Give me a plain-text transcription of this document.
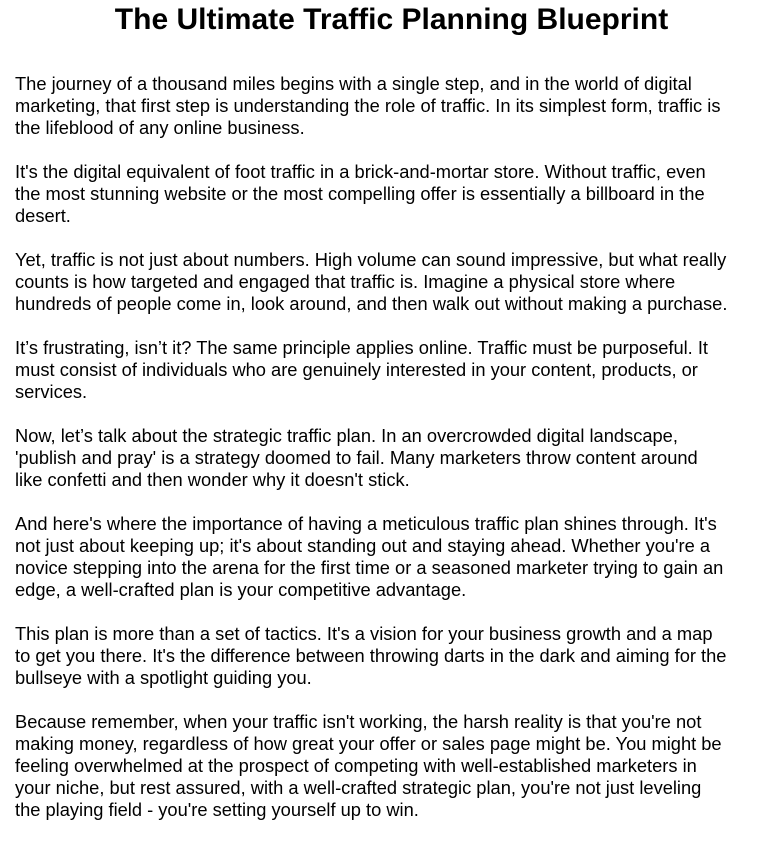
The Ultimate Traffic Planning Blueprint

The journey of a thousand miles begins with a single step, and in the world of digital
marketing, that first step is understanding the role of traffic. In its simplest form, traffic is
the lifeblood of any online business.

It's the digital equivalent of foot traffic in a brick-and-mortar store. Without traffic, even
the most stunning website or the most compelling offer is essentially a billboard in the
desert.

Yet, traffic is not just about numbers. High volume can sound impressive, but what really
counts is how targeted and engaged that traffic is. Imagine a physical store where
hundreds of people come in, look around, and then walk out without making a purchase.

It’s frustrating, isn’t it? The same principle applies online. Traffic must be purposeful. It
must consist of individuals who are genuinely interested in your content, products, or
services.

Now, let’s talk about the strategic traffic plan. In an overcrowded digital landscape,
'publish and pray' is a strategy doomed to fail. Many marketers throw content around
like confetti and then wonder why it doesn't stick.

And here's where the importance of having a meticulous traffic plan shines through. It's
not just about keeping up; it's about standing out and staying ahead. Whether you're a
novice stepping into the arena for the first time or a seasoned marketer trying to gain an
edge, a well-crafted plan is your competitive advantage.

This plan is more than a set of tactics. It's a vision for your business growth and a map
to get you there. It's the difference between throwing darts in the dark and aiming for the
bullseye with a spotlight guiding you.

Because remember, when your traffic isn't working, the harsh reality is that you're not
making money, regardless of how great your offer or sales page might be. You might be
feeling overwhelmed at the prospect of competing with well-established marketers in
your niche, but rest assured, with a well-crafted strategic plan, you're not just leveling
the playing field - you're setting yourself up to win.
